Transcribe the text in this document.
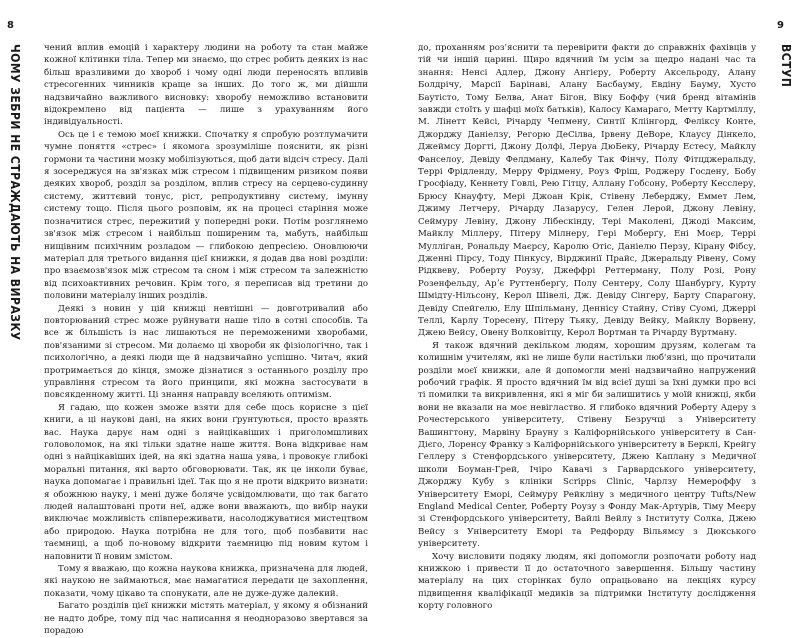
8
ЧОМУ ЗЕБРИ НЕ СТРАЖДАЮТЬ НА ВИРАЗКУ	чений вплив емоцій і характеру людини на роботу та стан майже кожної клітинки тіла. Тепер ми знаємо, що стрес робить деяких із нас більш вразливими до хвороб і чому одні люди переносять впливів стресогенних чинників краще за інших. До того ж, ми дійшли надзвичайно важливого висновку: хворобу неможливо встановити відокремлено від пацієнта — лише з урахуванням його індивідуальності.

Ось це і є темою моєї книжки. Спочатку я спробую розтлумачити чумне поняття «стрес» і якомога зрозуміліше пояснити, як різні гормони та частини мозку мобілізуються, щоб дати відсіч стресу. Далі я зосереджуся на зв'язках між стресом і підвищеним ризиком появи деяких хвороб, розділ за розділом, вплив стресу на серцево-судинну систему, життєвий тонус, ріст, репродуктивну систему, імунну систему тощо. Після цього розповім, як на процесі старіння може позначитися стрес, пережитий у попередні роки. Потім розглянемо зв'язок між стресом і найбільш поширеним та, мабуть, найбільш нищівним психічним розладом — глибокою депресією. Оновлюючи матеріал для третього видання цієї книжки, я додав два нові розділи: про взаємозв'язок між стресом та сном і між стресом та залежністю від психоактивних речовин. Крім того, я переписав від третини до половини матеріалу інших розділів.

Деякі з новин у цій книжці невтішні — довготривалий або повторюваний стрес може руйнувати наше тіло в сотні способів. Та все ж більшість із нас лишаються не переможеними хворобами, пов'язаними зі стресом. Ми долаємо ці хвороби як фізіологічно, так і психологічно, а деякі люди ще й надзвичайно успішно. Читач, який протримається до кінця, зможе дізнатися з останнього розділу про управління стресом та його принципи, які можна застосувати в повсякденному житті. Ці знання направду вселяють оптимізм.

Я гадаю, що кожен зможе взяти для себе щось корисне з цієї книги, а ці наукові дані, на яких вони ґрунтуються, просто вразять вас. Наука дарує нам одні з найцікавіших і приголомшливих головоломок, на які тільки здатне наше життя. Вона відкриває нам одні з найцікавіших ідей, на які здатна наша уява, і провокує глибокі моральні питання, які варто обговорювати. Так, як це інколи буває, наука допомагає і правильні ідеї. Так що я не проти відкрито визнати: я обожнюю науку, і мені дуже боляче усвідомлювати, що так багато людей налаштовані проти неї, адже вони вважають, що вибір науки виключає можливість співпереживати, насолоджуватися мистецтвом або природою. Наука потрібна не для того, щоб позбавити нас таємниці, а щоб по-новому відкрити таємницю під новим кутом і наповнити її новим змістом.

Тому я вважаю, що кожна наукова книжка, призначена для людей, які наукою не займаються, має намагатися передати це захоплення, показати, чому цікаво та спонукати, але не дуже-дуже далекий.

Багато розділів цієї книжки містять матеріал, у якому я обізнаний не надто добре, тому під час написання я неодноразово звертався за порадою

9
ВСТУП

до, проханням роз'яснити та перевірити факти до справжніх фахівців у тій чи іншій царині. Щиро вдячний їм усім за щедро надані час та знання: Ненсі Адлер, Джону Ангієру, Роберту Аксельроду, Алану Болдрічу, Марсії Барінаві, Алану Басбауму, Евдіну Бауму, Хусто Баутісто, Тому Белва, Анат Бігон, Віку Боффу (чий бренд вітамінів завжди стоїть у шафці моїх батьків), Калосу Камараго, Метту Картміллу, М. Лінетт Кейсі, Річарду Чепмену, Синтії Кліінгорд, Феліксу Конте, Джорджу Даніелзу, Регорю ДеСілва, Ірвену ДеВоре, Клаусу Дінкело, Джеймсу Доргті, Джону Долфі, Леруа ДюБеку, Річарду Естесу, Майклу Фанселоу, Девіду Фелдману, Калебу Так Фінчу, Полу Фітцджеральду, Террі Фрідленду, Мерру Фрідмену, Роуз Фріш, Роджеру Госдену, Бобу Гросфіаду, Кеннету Говлі, Рею Гітцу, Аллану Гобсону, Роберту Кесслеру, Брюсу Кнауфту, Мері Джоан Крік, Стівену Леберджу, Еммет Лем, Джиму Летчеру, Річарду Лазарусу, Гелен Лерой, Джону Левіну, Сеймуру Левіну, Джону Лібескінду, Тері Маколені, Джоді Максим, Майклу Міллеру, Пітеру Мілнеру, Гері Моберґу, Ені Моєр, Террі Мулліган, Рональду Маєрсу, Каролю Отіс, Даніелю Перзу, Кірану Фібсу, Дженні Пірсу, Тоду Пінкусу, Вірджинії Прайс, Джеральду Рівену, Сому Рідквеву, Роберту Роузу, Джеффрі Реттерману, Полу Розі, Рону Розенфельду, Арʼє Руттенберґу, Полу Сентеру, Солу Шанбургу, Курту Шмідту-Нільсону, Керол Шівелі, Дж. Девіду Сінгеру, Барту Спарагону, Девіду Спейгелю, Елу Шпільману, Деннісу Стайну, Стіву Суомі, Джеррі Теллі, Карлу Торесену, Пітеру Тьяку, Девіду Вейку, Майклу Ворвену, Джею Вейсу, Овену Волковітцу, Керол Вортман та Річарду Вуртману.

Я також вдячний декільком людям, хорошим друзям, колегам та колишнім учителям, які не лише були настільки люб'язні, що прочитали розділи моєї книжки, але й допомогли мені надзвичайно напружений робочий графік. Я просто вдячний їм від всієї душі за їхні думки про всі ті помилки та викривлення, які я міг би залишитись у моїй книжці, якби вони не вказали на моє невігластво. Я глибоко вдячний Роберту Адеру з Рочестерського університету, Стівену Безручці з Університету Вашингтону, Марвіну Брауну з Каліфорнійського університету в Сан-Дієго, Лоренсу Франку з Каліфорнійського університету в Берклі, Крейгу Геллеру з Стенфордського університету, Джею Каплану з Медичної школи Боуман-Грей, Ічіро Кавачі з Гарвардського університету, Джорджу Кубу з клініки Scripps Clinic, Чарлзу Немероффу з Університету Еморі, Сеймуру Рейкліну з медичного центру Tufts/New England Medical Center, Роберту Роузу з Фонду Мак-Артурів, Тіму Меєру зі Стенфордського університету, Вайлі Вейлу з Інституту Солка, Джею Вейсу з Університету Еморі та Редфорду Вільямсу з Дюкського університету.

Хочу висловити подяку людям, які допомогли розпочати роботу над книжкою і привести її до остаточного завершення. Більшу частину матеріалу на цих сторінках було опрацьовано на лекціях курсу підвищення кваліфікації медиків за підтримки Інституту дослідження корту головного
